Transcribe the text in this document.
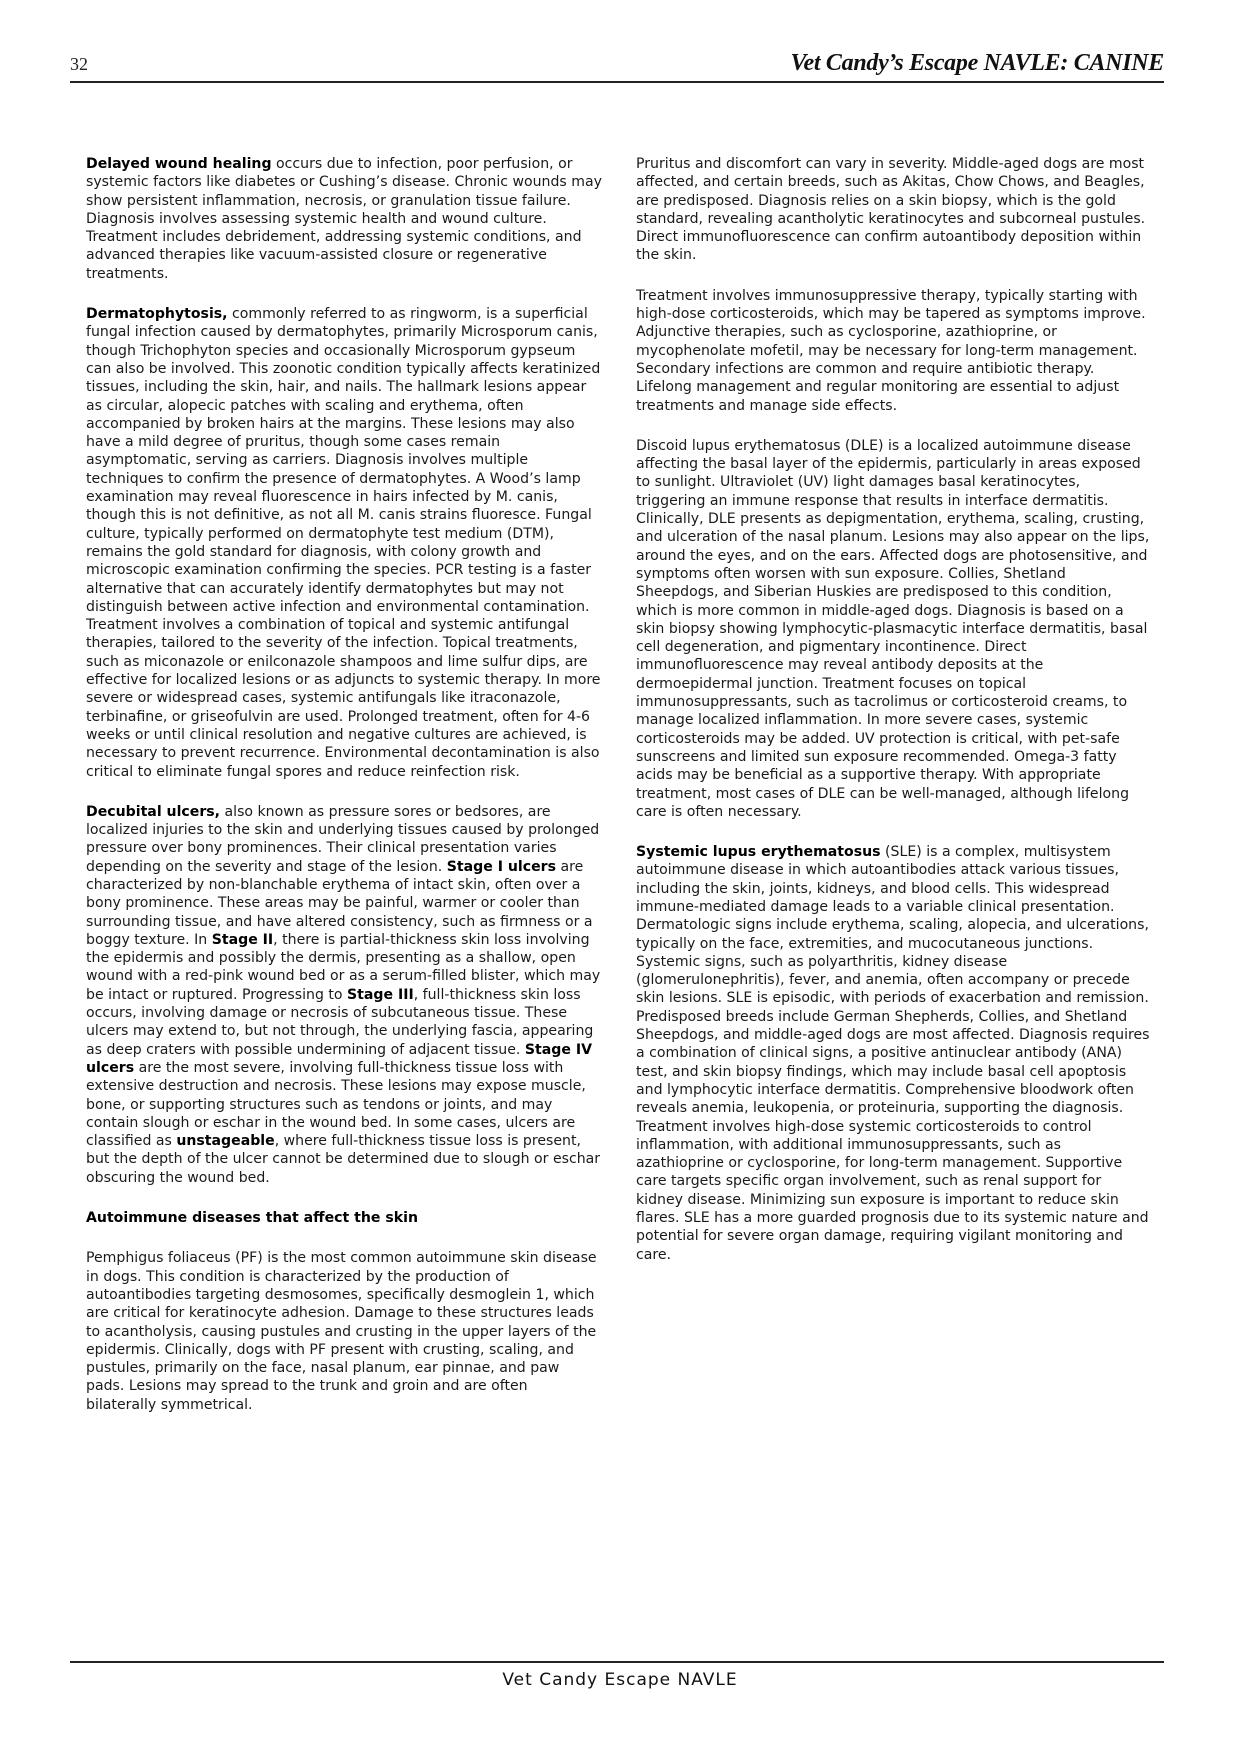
32	Vet Candy’s Escape NAVLE: CANINE

Delayed wound healing occurs due to infection, poor perfusion, or systemic factors like diabetes or Cushing’s disease. Chronic wounds may show persistent inflammation, necrosis, or granulation tissue failure. Diagnosis involves assessing systemic health and wound culture. Treatment includes debridement, addressing systemic conditions, and advanced therapies like vacuum-assisted closure or regenerative treatments.

Dermatophytosis, commonly referred to as ringworm, is a superficial fungal infection caused by dermatophytes, primarily Microsporum canis, though Trichophyton species and occasionally Microsporum gypseum can also be involved. This zoonotic condition typically affects keratinized tissues, including the skin, hair, and nails. The hallmark lesions appear as circular, alopecic patches with scaling and erythema, often accompanied by broken hairs at the margins. These lesions may also have a mild degree of pruritus, though some cases remain asymptomatic, serving as carriers. Diagnosis involves multiple techniques to confirm the presence of dermatophytes. A Wood’s lamp examination may reveal fluorescence in hairs infected by M. canis, though this is not definitive, as not all M. canis strains fluoresce. Fungal culture, typically performed on dermatophyte test medium (DTM), remains the gold standard for diagnosis, with colony growth and microscopic examination confirming the species. PCR testing is a faster alternative that can accurately identify dermatophytes but may not distinguish between active infection and environmental contamination. Treatment involves a combination of topical and systemic antifungal therapies, tailored to the severity of the infection. Topical treatments, such as miconazole or enilconazole shampoos and lime sulfur dips, are effective for localized lesions or as adjuncts to systemic therapy. In more severe or widespread cases, systemic antifungals like itraconazole, terbinafine, or griseofulvin are used. Prolonged treatment, often for 4-6 weeks or until clinical resolution and negative cultures are achieved, is necessary to prevent recurrence. Environmental decontamination is also critical to eliminate fungal spores and reduce reinfection risk.

Decubital ulcers, also known as pressure sores or bedsores, are localized injuries to the skin and underlying tissues caused by prolonged pressure over bony prominences. Their clinical presentation varies depending on the severity and stage of the lesion. Stage I ulcers are characterized by non-blanchable erythema of intact skin, often over a bony prominence. These areas may be painful, warmer or cooler than surrounding tissue, and have altered consistency, such as firmness or a boggy texture. In Stage II, there is partial-thickness skin loss involving the epidermis and possibly the dermis, presenting as a shallow, open wound with a red-pink wound bed or as a serum-filled blister, which may be intact or ruptured. Progressing to Stage III, full-thickness skin loss occurs, involving damage or necrosis of subcutaneous tissue. These ulcers may extend to, but not through, the underlying fascia, appearing as deep craters with possible undermining of adjacent tissue. Stage IV ulcers are the most severe, involving full-thickness tissue loss with extensive destruction and necrosis. These lesions may expose muscle, bone, or supporting structures such as tendons or joints, and may contain slough or eschar in the wound bed. In some cases, ulcers are classified as unstageable, where full-thickness tissue loss is present, but the depth of the ulcer cannot be determined due to slough or eschar obscuring the wound bed.

Autoimmune diseases that affect the skin

Pemphigus foliaceus (PF) is the most common autoimmune skin disease in dogs. This condition is characterized by the production of autoantibodies targeting desmosomes, specifically desmoglein 1, which are critical for keratinocyte adhesion. Damage to these structures leads to acantholysis, causing pustules and crusting in the upper layers of the epidermis. Clinically, dogs with PF present with crusting, scaling, and pustules, primarily on the face, nasal planum, ear pinnae, and paw pads. Lesions may spread to the trunk and groin and are often bilaterally symmetrical.

Pruritus and discomfort can vary in severity. Middle-aged dogs are most affected, and certain breeds, such as Akitas, Chow Chows, and Beagles, are predisposed. Diagnosis relies on a skin biopsy, which is the gold standard, revealing acantholytic keratinocytes and subcorneal pustules. Direct immunofluorescence can confirm autoantibody deposition within the skin.

Treatment involves immunosuppressive therapy, typically starting with high-dose corticosteroids, which may be tapered as symptoms improve. Adjunctive therapies, such as cyclosporine, azathioprine, or mycophenolate mofetil, may be necessary for long-term management. Secondary infections are common and require antibiotic therapy. Lifelong management and regular monitoring are essential to adjust treatments and manage side effects.

Discoid lupus erythematosus (DLE) is a localized autoimmune disease affecting the basal layer of the epidermis, particularly in areas exposed to sunlight. Ultraviolet (UV) light damages basal keratinocytes, triggering an immune response that results in interface dermatitis. Clinically, DLE presents as depigmentation, erythema, scaling, crusting, and ulceration of the nasal planum. Lesions may also appear on the lips, around the eyes, and on the ears. Affected dogs are photosensitive, and symptoms often worsen with sun exposure. Collies, Shetland Sheepdogs, and Siberian Huskies are predisposed to this condition, which is more common in middle-aged dogs. Diagnosis is based on a skin biopsy showing lymphocytic-plasmacytic interface dermatitis, basal cell degeneration, and pigmentary incontinence. Direct immunofluorescence may reveal antibody deposits at the dermoepidermal junction. Treatment focuses on topical immunosuppressants, such as tacrolimus or corticosteroid creams, to manage localized inflammation. In more severe cases, systemic corticosteroids may be added. UV protection is critical, with pet-safe sunscreens and limited sun exposure recommended. Omega-3 fatty acids may be beneficial as a supportive therapy. With appropriate treatment, most cases of DLE can be well-managed, although lifelong care is often necessary.

Systemic lupus erythematosus (SLE) is a complex, multisystem autoimmune disease in which autoantibodies attack various tissues, including the skin, joints, kidneys, and blood cells. This widespread immune-mediated damage leads to a variable clinical presentation. Dermatologic signs include erythema, scaling, alopecia, and ulcerations, typically on the face, extremities, and mucocutaneous junctions. Systemic signs, such as polyarthritis, kidney disease (glomerulonephritis), fever, and anemia, often accompany or precede skin lesions. SLE is episodic, with periods of exacerbation and remission. Predisposed breeds include German Shepherds, Collies, and Shetland Sheepdogs, and middle-aged dogs are most affected. Diagnosis requires a combination of clinical signs, a positive antinuclear antibody (ANA) test, and skin biopsy findings, which may include basal cell apoptosis and lymphocytic interface dermatitis. Comprehensive bloodwork often reveals anemia, leukopenia, or proteinuria, supporting the diagnosis. Treatment involves high-dose systemic corticosteroids to control inflammation, with additional immunosuppressants, such as azathioprine or cyclosporine, for long-term management. Supportive care targets specific organ involvement, such as renal support for kidney disease. Minimizing sun exposure is important to reduce skin flares. SLE has a more guarded prognosis due to its systemic nature and potential for severe organ damage, requiring vigilant monitoring and care.

Vet Candy Escape NAVLE
